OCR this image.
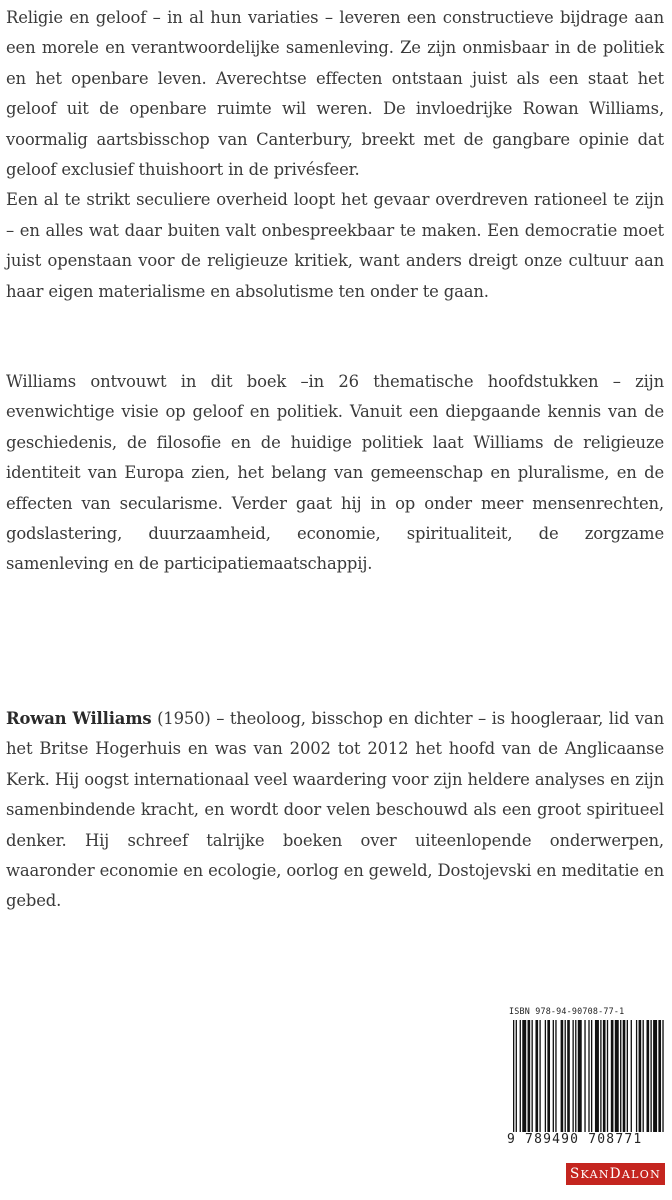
Religie en geloof – in al hun variaties – leveren een constructieve bijdrage aan een morele en verantwoordelijke samenleving. Ze zijn onmisbaar in de politiek en het openbare leven. Averechtse effecten ontstaan juist als een staat het geloof uit de openbare ruimte wil weren. De invloedrijke Rowan Williams, voormalig aartsbisschop van Canterbury, breekt met de gangbare opinie dat geloof exclusief thuishoort in de privésfeer.

Een al te strikt seculiere overheid loopt het gevaar overdreven rationeel te zijn – en alles wat daar buiten valt onbespreekbaar te maken. Een democratie moet juist openstaan voor de religieuze kritiek, want anders dreigt onze cultuur aan haar eigen materialisme en absolutisme ten onder te gaan.

Williams ontvouwt in dit boek –in 26 thematische hoofdstukken – zijn evenwichtige visie op geloof en politiek. Vanuit een diepgaande kennis van de geschiedenis, de filosofie en de huidige politiek laat Williams de religieuze identiteit van Europa zien, het belang van gemeenschap en pluralisme, en de effecten van secularisme. Verder gaat hij in op onder meer mensenrechten, godslastering, duurzaamheid, economie, spiritualiteit, de zorgzame samenleving en de participatiemaatschappij.

Rowan Williams (1950) – theoloog, bisschop en dichter – is hoogleraar, lid van het Britse Hogerhuis en was van 2002 tot 2012 het hoofd van de Anglicaanse Kerk. Hij oogst internationaal veel waardering voor zijn heldere analyses en zijn samenbindende kracht, en wordt door velen beschouwd als een groot spiritueel denker. Hij schreef talrijke boeken over uiteenlopende onderwerpen, waaronder economie en ecologie, oorlog en geweld, Dostojevski en meditatie en gebed.

ISBN 978-94-90708-77-1
9 789490 708771
SKANDALON
